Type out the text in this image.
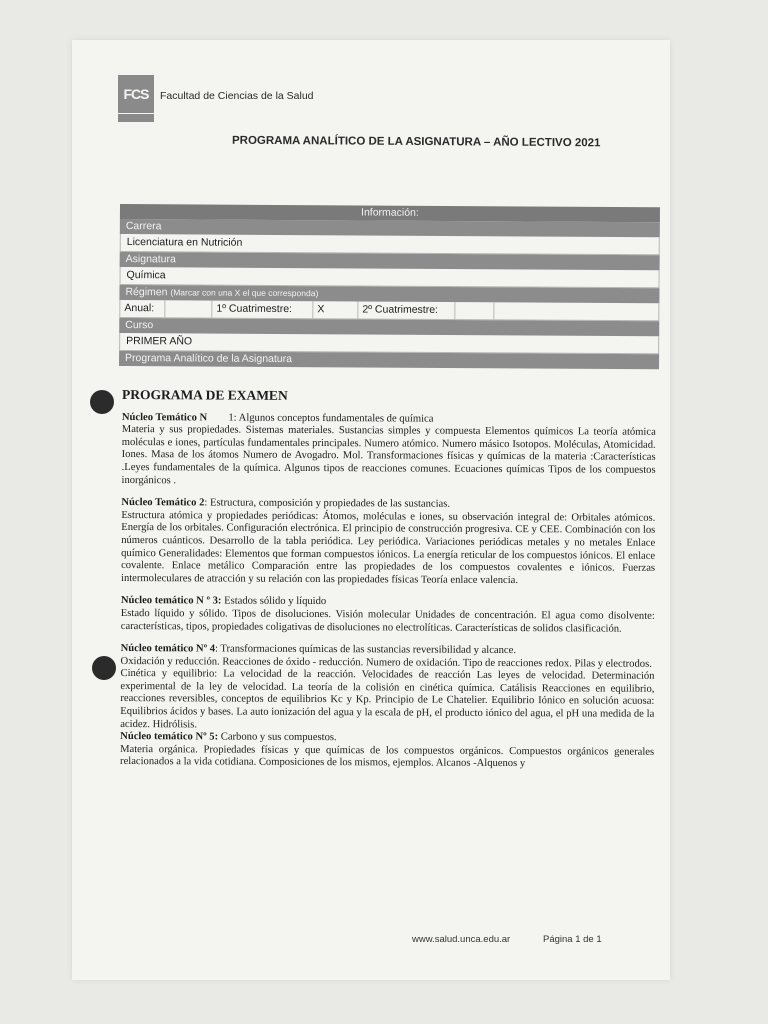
FCS Facultad de Ciencias de la Salud
PROGRAMA ANALÍTICO DE LA ASIGNATURA – AÑO LECTIVO 2021
Información:
Carrera
Licenciatura en Nutrición
Asignatura
Química
Régimen (Marcar con una X el que corresponda)
Anual:	1º Cuatrimestre:	X	2º Cuatrimestre:
Curso
PRIMER AÑO
Programa Analítico de la Asignatura
PROGRAMA DE EXAMEN

Núcleo Temático N 1: Algunos conceptos fundamentales de química
Materia y sus propiedades. Sistemas materiales. Sustancias simples y compuesta Elementos químicos La teoría atómica moléculas e iones, partículas fundamentales principales. Numero atómico. Numero másico Isotopos. Moléculas, Atomicidad. Iones. Masa de los átomos Numero de Avogadro. Mol. Transformaciones físicas y químicas de la materia :Características .Leyes fundamentales de la química. Algunos tipos de reacciones comunes. Ecuaciones químicas Tipos de los compuestos inorgánicos .

Núcleo Temático 2: Estructura, composición y propiedades de las sustancias.
Estructura atómica y propiedades periódicas: Átomos, moléculas e iones, su observación integral de: Orbitales atómicos. Energía de los orbitales. Configuración electrónica. El principio de construcción progresiva. CE y CEE. Combinación con los números cuánticos. Desarrollo de la tabla periódica. Ley periódica. Variaciones periódicas metales y no metales Enlace químico Generalidades: Elementos que forman compuestos iónicos. La energía reticular de los compuestos iónicos. El enlace covalente. Enlace metálico Comparación entre las propiedades de los compuestos covalentes e iónicos. Fuerzas intermoleculares de atracción y su relación con las propiedades físicas Teoría enlace valencia.

Núcleo temático N º 3: Estados sólido y líquido
Estado líquido y sólido. Tipos de disoluciones. Visión molecular Unidades de concentración. El agua como disolvente: características, tipos, propiedades coligativas de disoluciones no electrolíticas. Características de solidos clasificación.

Núcleo temático Nº 4: Transformaciones químicas de las sustancias reversibilidad y alcance.
Oxidación y reducción. Reacciones de óxido - reducción. Numero de oxidación. Tipo de reacciones redox. Pilas y electrodos.
Cinética y equilibrio: La velocidad de la reacción. Velocidades de reacción Las leyes de velocidad. Determinación experimental de la ley de velocidad. La teoría de la colisión en cinética química. Catálisis Reacciones en equilibrio, reacciones reversibles, conceptos de equilibrios Kc y Kp. Principio de Le Chatelier. Equilibrio Iónico en solución acuosa: Equilibrios ácidos y bases. La auto ionización del agua y la escala de pH, el producto iónico del agua, el pH una medida de la acidez. Hidrólisis.

Núcleo temático Nº 5: Carbono y sus compuestos.
Materia orgánica. Propiedades físicas y que químicas de los compuestos orgánicos. Compuestos orgánicos generales relacionados a la vida cotidiana. Composiciones de los mismos, ejemplos. Alcanos -Alquenos y

www.salud.unca.edu.ar	Página 1 de 1
